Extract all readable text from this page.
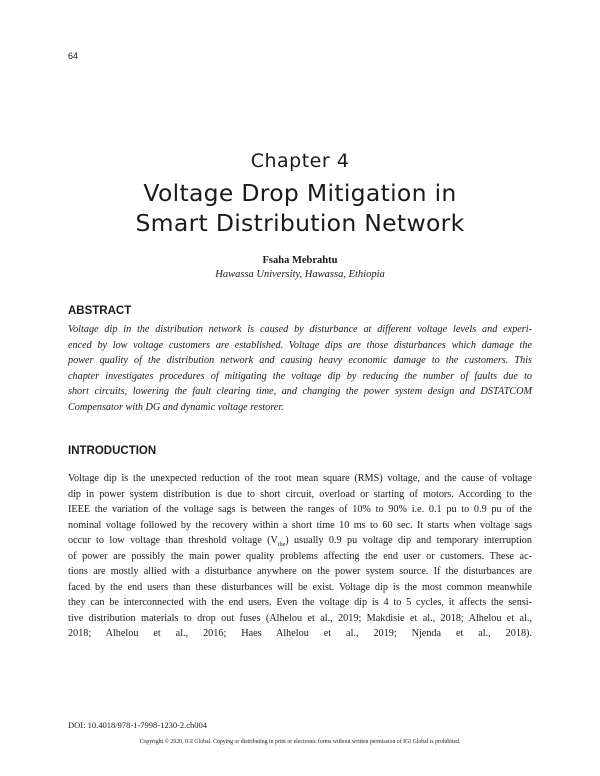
64
Chapter 4
Voltage Drop Mitigation in
Smart Distribution Network
Fsaha Mebrahtu
Hawassa University, Hawassa, Ethiopia
ABSTRACT
Voltage dip in the distribution network is caused by disturbance at different voltage levels and experi-
enced by low voltage customers are established. Voltage dips are those disturbances which damage the
power quality of the distribution network and causing heavy economic damage to the customers. This
chapter investigates procedures of mitigating the voltage dip by reducing the number of faults due to
short circuits, lowering the fault clearing time, and changing the power system design and DSTATCOM
Compensator with DG and dynamic voltage restorer.
INTRODUCTION
Voltage dip is the unexpected reduction of the root mean square (RMS) voltage, and the cause of voltage
dip in power system distribution is due to short circuit, overload or starting of motors. According to the
IEEE the variation of the voltage sags is between the ranges of 10% to 90% i.e. 0.1 pu to 0.9 pu of the
nominal voltage followed by the recovery within a short time 10 ms to 60 sec. It starts when voltage sags
occur to low voltage than threshold voltage $(V_{the})$ usually 0.9 pu voltage dip and temporary interruption
of power are possibly the main power quality problems affecting the end user or customers. These ac-
tions are mostly allied with a disturbance anywhere on the power system source. If the disturbances are
faced by the end users than these disturbances will be exist. Voltage dip is the most common meanwhile
they can be interconnected with the end users. Even the voltage dip is 4 to 5 cycles, it affects the sensi-
tive distribution materials to drop out fuses (Alhelou et al., 2019; Makdisie et al., 2018; Alhelou et al.,
2018; Alhelou et al., 2016; Haes Alhelou et al., 2019; Njenda et al., 2018).
DOI: 10.4018/978-1-7998-1230-2.ch004
Copyright © 2020, IGI Global. Copying or distributing in print or electronic forms without written permission of IGI Global is prohibited.
